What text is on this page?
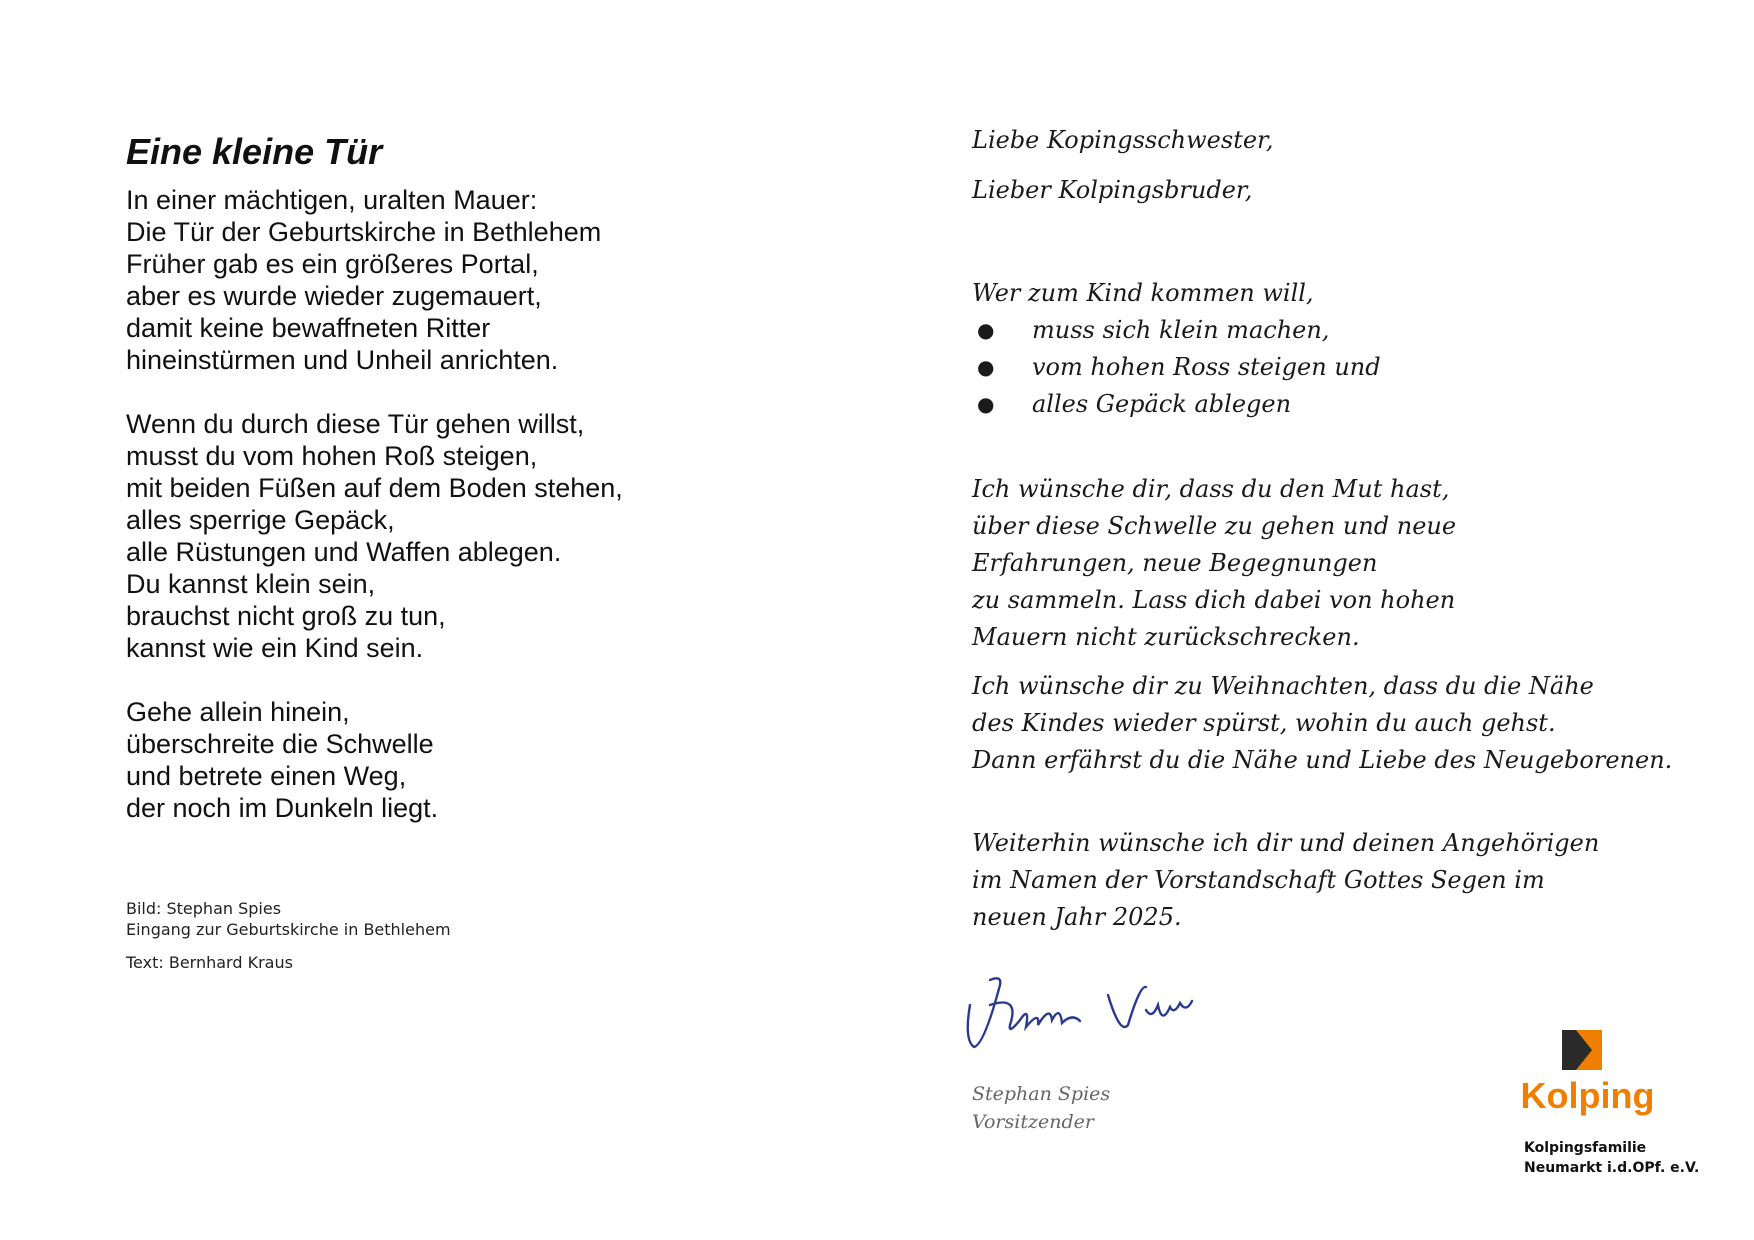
Eine kleine Tür
In einer mächtigen, uralten Mauer:
Die Tür der Geburtskirche in Bethlehem
Früher gab es ein größeres Portal,
aber es wurde wieder zugemauert,
damit keine bewaffneten Ritter
hineinstürmen und Unheil anrichten.
Wenn du durch diese Tür gehen willst,
musst du vom hohen Roß steigen,
mit beiden Füßen auf dem Boden stehen,
alles sperrige Gepäck,
alle Rüstungen und Waffen ablegen.
Du kannst klein sein,
brauchst nicht groß zu tun,
kannst wie ein Kind sein.
Gehe allein hinein,
überschreite die Schwelle
und betrete einen Weg,
der noch im Dunkeln liegt.
Bild: Stephan Spies
Eingang zur Geburtskirche in Bethlehem
Text: Bernhard Kraus
Liebe Kopingsschwester,
Lieber Kolpingsbruder,
Wer zum Kind kommen will,
● muss sich klein machen,
● vom hohen Ross steigen und
● alles Gepäck ablegen
Ich wünsche dir, dass du den Mut hast,
über diese Schwelle zu gehen und neue
Erfahrungen, neue Begegnungen
zu sammeln. Lass dich dabei von hohen
Mauern nicht zurückschrecken.
Ich wünsche dir zu Weihnachten, dass du die Nähe
des Kindes wieder spürst, wohin du auch gehst.
Dann erfährst du die Nähe und Liebe des Neugeborenen.
Weiterhin wünsche ich dir und deinen Angehörigen
im Namen der Vorstandschaft Gottes Segen im
neuen Jahr 2025.
Stephan Spies
Vorsitzender
Kolping
Kolpingsfamilie
Neumarkt i.d.OPf. e.V.
